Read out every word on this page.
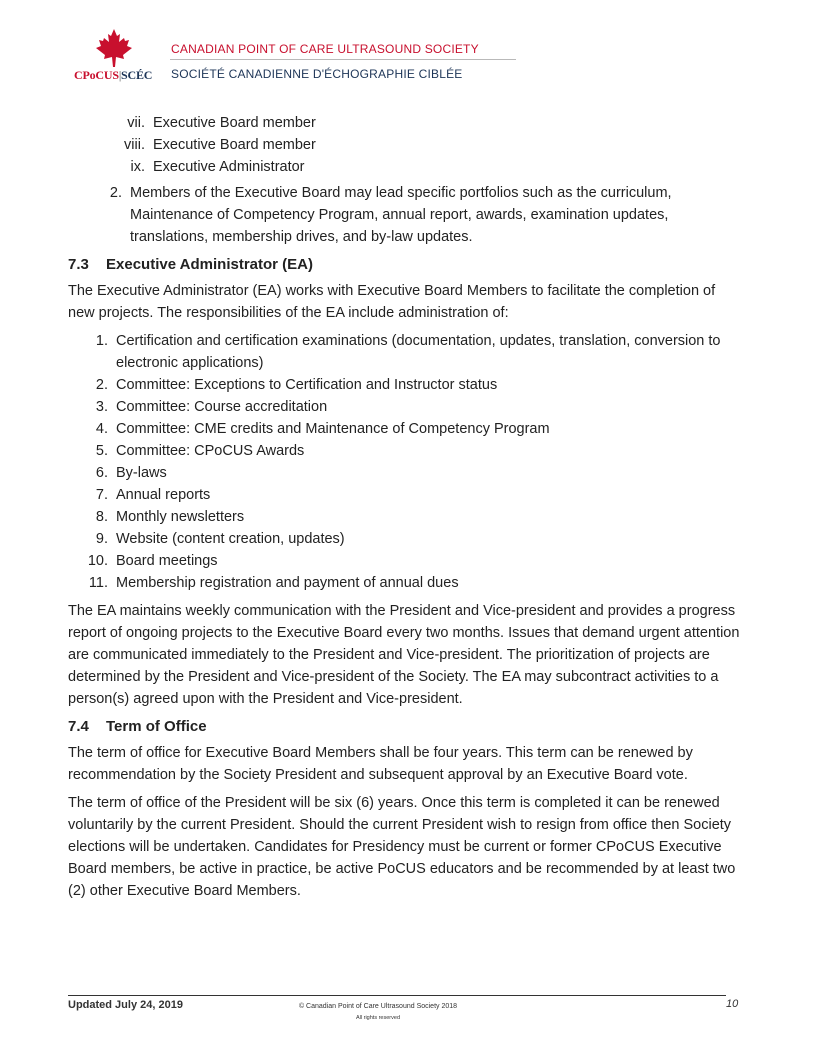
CPoCUS|SCÉC
CANADIAN POINT OF CARE ULTRASOUND SOCIETY
SOCIÉTÉ CANADIENNE D'ÉCHOGRAPHIE CIBLÉE
vii. Executive Board member
viii. Executive Board member
ix. Executive Administrator
2. Members of the Executive Board may lead specific portfolios such as the curriculum, Maintenance of Competency Program, annual report, awards, examination updates, translations, membership drives, and by-law updates.
7.3 Executive Administrator (EA)

The Executive Administrator (EA) works with Executive Board Members to facilitate the completion of new projects. The responsibilities of the EA include administration of:

1. Certification and certification examinations (documentation, updates, translation, conversion to electronic applications)
2. Committee: Exceptions to Certification and Instructor status
3. Committee: Course accreditation
4. Committee: CME credits and Maintenance of Competency Program
5. Committee: CPoCUS Awards
6. By-laws
7. Annual reports
8. Monthly newsletters
9. Website (content creation, updates)
10. Board meetings
11. Membership registration and payment of annual dues

The EA maintains weekly communication with the President and Vice-president and provides a progress report of ongoing projects to the Executive Board every two months. Issues that demand urgent attention are communicated immediately to the President and Vice-president. The prioritization of projects are determined by the President and Vice-president of the Society. The EA may subcontract activities to a person(s) agreed upon with the President and Vice-president.

7.4 Term of Office

The term of office for Executive Board Members shall be four years. This term can be renewed by recommendation by the Society President and subsequent approval by an Executive Board vote.

The term of office of the President will be six (6) years. Once this term is completed it can be renewed voluntarily by the current President. Should the current President wish to resign from office then Society elections will be undertaken. Candidates for Presidency must be current or former CPoCUS Executive Board members, be active in practice, be active PoCUS educators and be recommended by at least two (2) other Executive Board Members.

Updated July 24, 2019	© Canadian Point of Care Ultrasound Society 2018
All rights reserved
10
